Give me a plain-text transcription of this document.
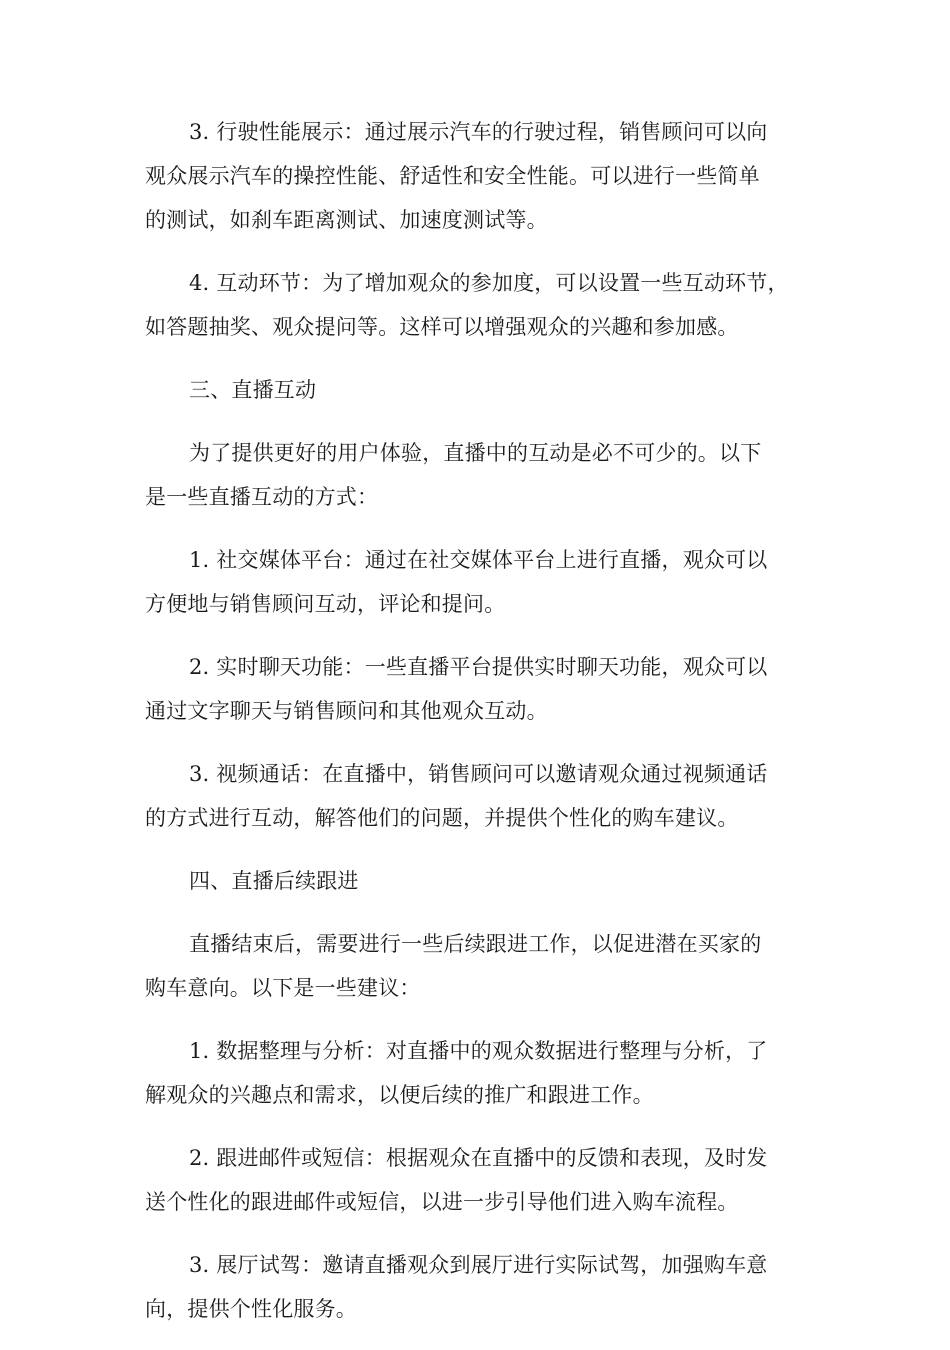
3. 行驶性能展示：通过展示汽车的行驶过程，销售顾问可以向
观众展示汽车的操控性能、舒适性和安全性能。可以进行一些简单
的测试，如刹车距离测试、加速度测试等。

4. 互动环节：为了增加观众的参加度，可以设置一些互动环节，
如答题抽奖、观众提问等。这样可以增强观众的兴趣和参加感。

三、直播互动

为了提供更好的用户体验，直播中的互动是必不可少的。以下
是一些直播互动的方式：

1. 社交媒体平台：通过在社交媒体平台上进行直播，观众可以
方便地与销售顾问互动，评论和提问。

2. 实时聊天功能：一些直播平台提供实时聊天功能，观众可以
通过文字聊天与销售顾问和其他观众互动。

3. 视频通话：在直播中，销售顾问可以邀请观众通过视频通话
的方式进行互动，解答他们的问题，并提供个性化的购车建议。

四、直播后续跟进

直播结束后，需要进行一些后续跟进工作，以促进潜在买家的
购车意向。以下是一些建议：

1. 数据整理与分析：对直播中的观众数据进行整理与分析，了
解观众的兴趣点和需求，以便后续的推广和跟进工作。

2. 跟进邮件或短信：根据观众在直播中的反馈和表现，及时发
送个性化的跟进邮件或短信，以进一步引导他们进入购车流程。

3. 展厅试驾：邀请直播观众到展厅进行实际试驾，加强购车意
向，提供个性化服务。
